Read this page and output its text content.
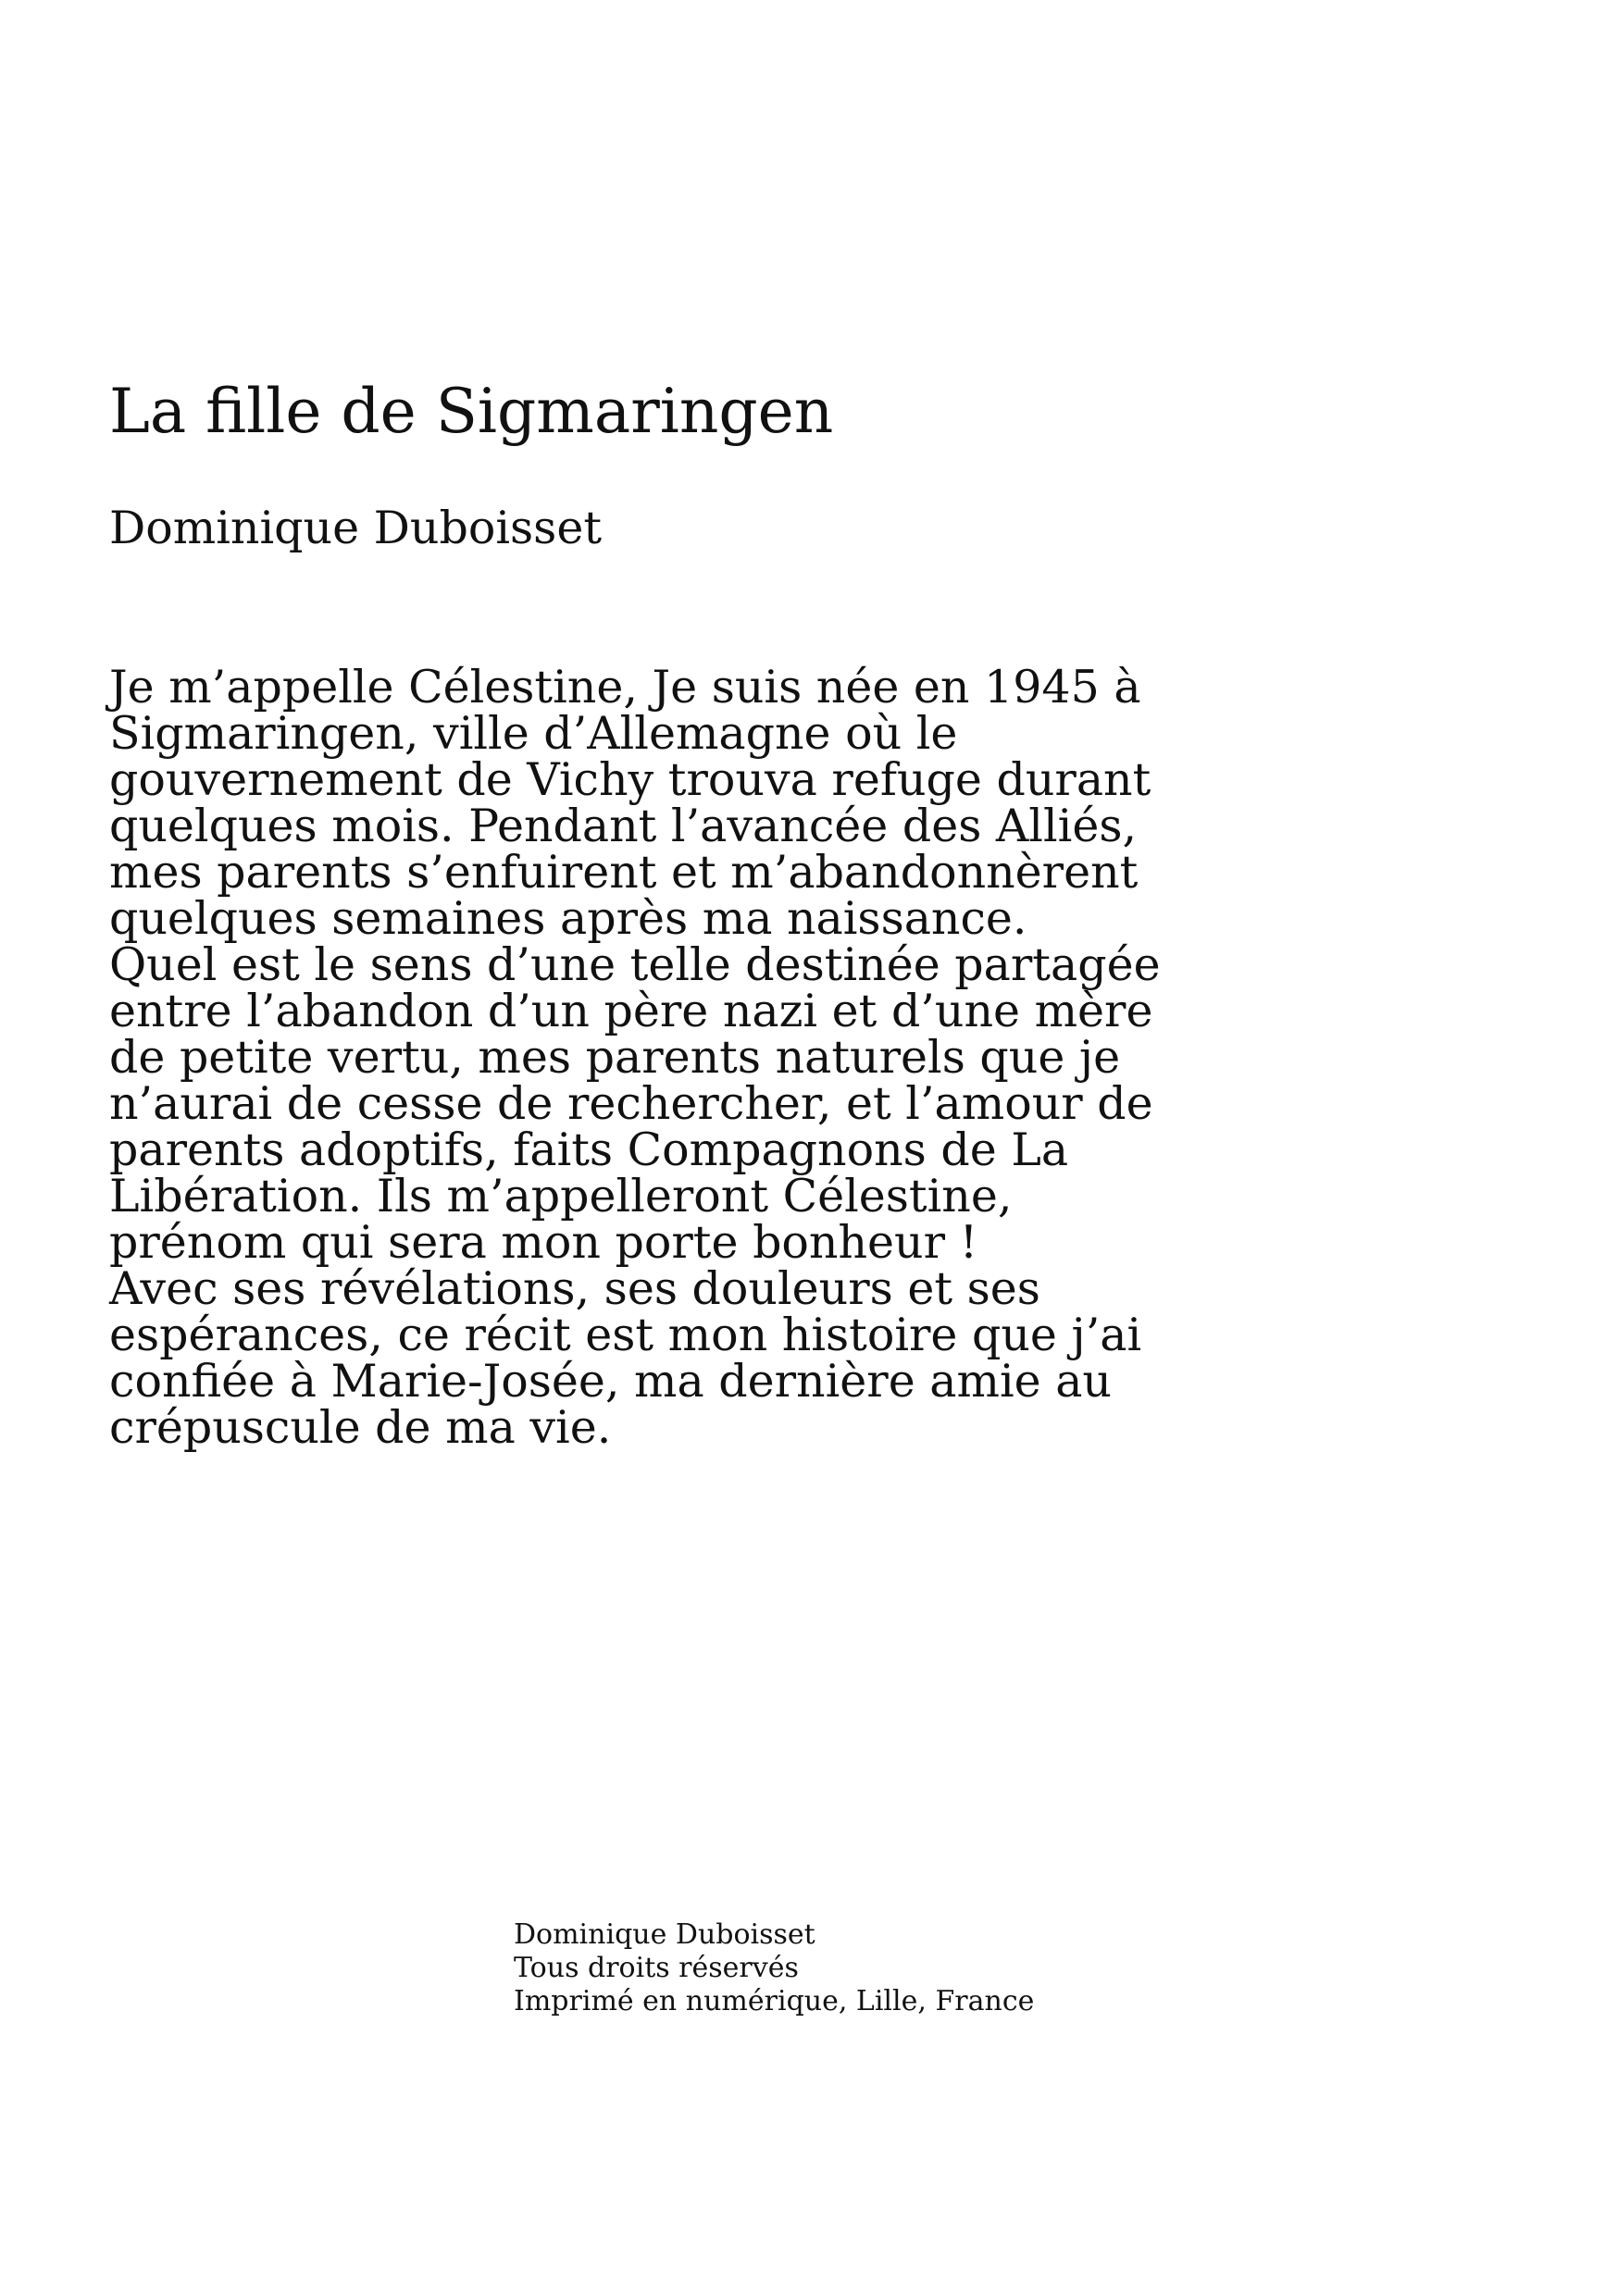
La fille de Sigmaringen
Dominique Duboisset
Je m’appelle Célestine, Je suis née en 1945 à
Sigmaringen, ville d’Allemagne où le
gouvernement de Vichy trouva refuge durant
quelques mois. Pendant l’avancée des Alliés,
mes parents s’enfuirent et m’abandonnèrent
quelques semaines après ma naissance.
Quel est le sens d’une telle destinée partagée
entre l’abandon d’un père nazi et d’une mère
de petite vertu, mes parents naturels que je
n’aurai de cesse de rechercher, et l’amour de
parents adoptifs, faits Compagnons de La
Libération. Ils m’appelleront Célestine,
prénom qui sera mon porte bonheur !
Avec ses révélations, ses douleurs et ses
espérances, ce récit est mon histoire que j’ai
confiée à Marie-Josée, ma dernière amie au
crépuscule de ma vie.
Dominique Duboisset
Tous droits réservés
Imprimé en numérique, Lille, France
